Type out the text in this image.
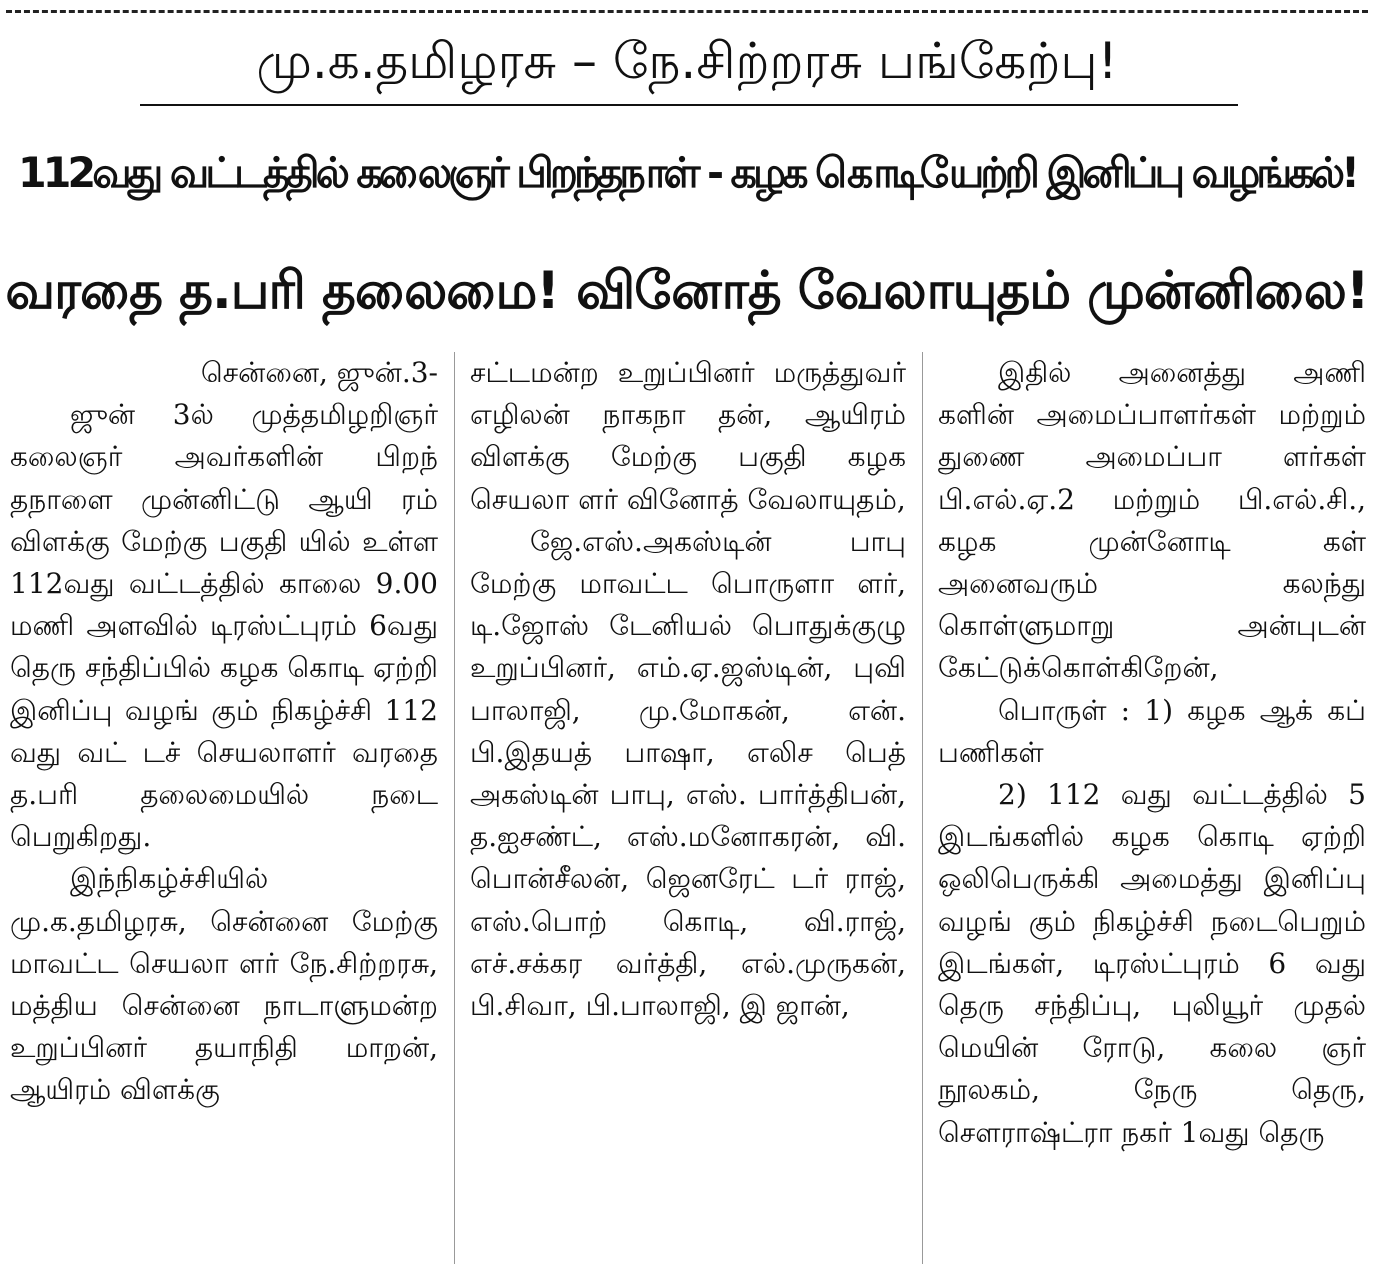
மு.க.தமிழரசு – நே.சிற்றரசு பங்கேற்பு!
112வது வட்டத்தில் கலைஞர் பிறந்தநாள் - கழக கொடியேற்றி இனிப்பு வழங்கல்!
வரதை த.பரி தலைமை! வினோத் வேலாயுதம் முன்னிலை!

சென்னை, ஜுன்.3-

ஜுன் 3ல் முத்தமிழறிஞர் கலைஞர் அவர்களின் பிறந் தநாளை முன்னிட்டு ஆயி ரம் விளக்கு மேற்கு பகுதி யில் உள்ள 112வது வட்டத்தில் காலை 9.00 மணி அளவில் டிரஸ்ட்புரம் 6வது தெரு சந்திப்பில் கழக கொடி ஏற்றி இனிப்பு வழங் கும் நிகழ்ச்சி 112 வது வட் டச் செயலாளர் வரதை த.பரி தலைமையில் நடை பெறுகிறது.

இந்நிகழ்ச்சியில் மு.க.தமிழரசு, சென்னை மேற்கு மாவட்ட செயலா ளர் நே.சிற்றரசு, மத்திய சென்னை நாடாளுமன்ற உறுப்பினர் தயாநிதி மாறன், ஆயிரம் விளக்கு

சட்டமன்ற உறுப்பினர் மருத்துவர் எழிலன் நாகநா தன், ஆயிரம் விளக்கு மேற்கு பகுதி கழக செயலா ளர் வினோத் வேலாயுதம்,

ஜே.எஸ்.அகஸ்டின் பாபு மேற்கு மாவட்ட பொருளா ளர், டி.ஜோஸ் டேனியல் பொதுக்குழு உறுப்பினர், எம்.ஏ.ஜஸ்டின், புவி பாலாஜி, மு.மோகன், என். பி.இதயத் பாஷா, எலிச பெத் அகஸ்டின் பாபு, எஸ். பார்த்திபன், த.ஐசண்ட், எஸ்.மனோகரன், வி. பொன்சீலன், ஜெனரேட் டர் ராஜ், எஸ்.பொற் கொடி, வி.ராஜ், எச்.சக்கர வர்த்தி, எல்.முருகன், பி.சிவா, பி.பாலாஜி, இ ஜான்,

இதில் அனைத்து அணி களின் அமைப்பாளர்கள் மற்றும் துணை அமைப்பா ளர்கள் பி.எல்.ஏ.2 மற்றும் பி.எல்.சி., கழக முன்னோடி கள் அனைவரும் கலந்து கொள்ளுமாறு அன்புடன் கேட்டுக்கொள்கிறேன்,

பொருள் : 1) கழக ஆக் கப் பணிகள்

2) 112 வது வட்டத்தில் 5 இடங்களில் கழக கொடி ஏற்றி ஒலிபெருக்கி அமைத்து இனிப்பு வழங் கும் நிகழ்ச்சி நடைபெறும் இடங்கள், டிரஸ்ட்புரம் 6 வது தெரு சந்திப்பு, புலியூர் முதல் மெயின் ரோடு, கலை ஞர் நூலகம், நேரு தெரு, சௌராஷ்ட்ரா நகர் 1வது தெரு
